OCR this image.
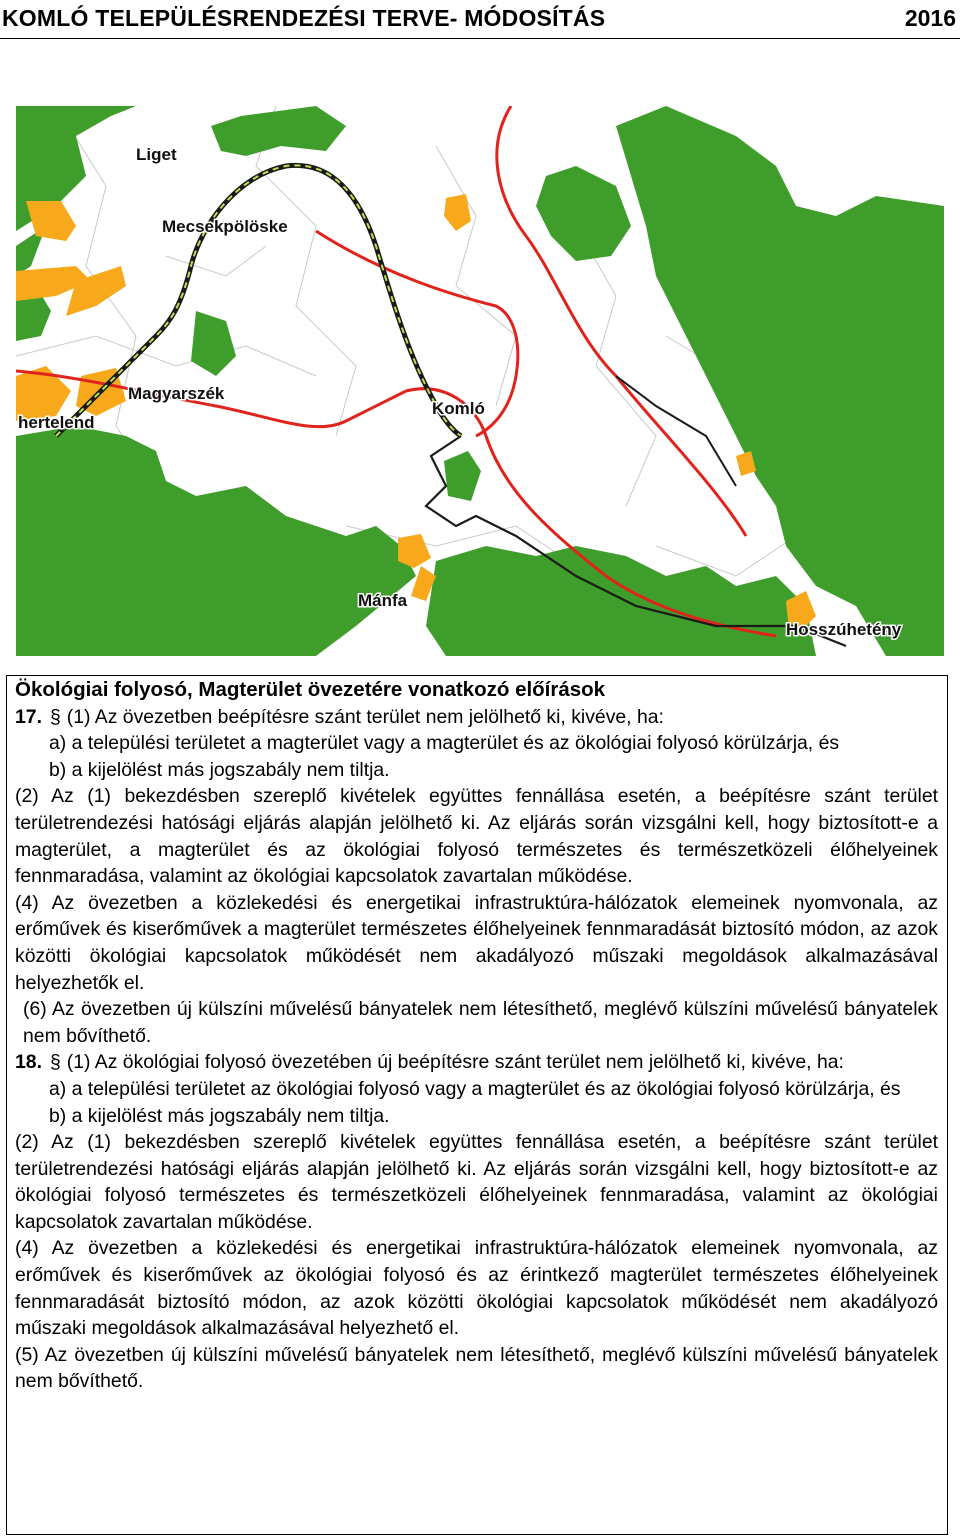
KOMLÓ TELEPÜLÉSRENDEZÉSI TERVE- MÓDOSÍTÁS	2016
Liget
Mecsekpölöske
Magyarszék
hertelend
Komló
Mánfa
Hosszúhetény

Ökológiai folyosó, Magterület övezetére vonatkozó előírások

17. § (1) Az övezetben beépítésre szánt terület nem jelölhető ki, kivéve, ha:

a) a települési területet a magterület vagy a magterület és az ökológiai folyosó körülzárja, és

b) a kijelölést más jogszabály nem tiltja.

(2) Az (1) bekezdésben szereplő kivételek együttes fennállása esetén, a beépítésre szánt terület területrendezési hatósági eljárás alapján jelölhető ki. Az eljárás során vizsgálni kell, hogy biztosított-e a magterület, a magterület és az ökológiai folyosó természetes és természetközeli élőhelyeinek fennmaradása, valamint az ökológiai kapcsolatok zavartalan működése.

(4) Az övezetben a közlekedési és energetikai infrastruktúra-hálózatok elemeinek nyomvonala, az erőművek és kiserőművek a magterület természetes élőhelyeinek fennmaradását biztosító módon, az azok közötti ökológiai kapcsolatok működését nem akadályozó műszaki megoldások alkalmazásával helyezhetők el.

(6) Az övezetben új külszíni művelésű bányatelek nem létesíthető, meglévő külszíni művelésű bányatelek nem bővíthető.

18. § (1) Az ökológiai folyosó övezetében új beépítésre szánt terület nem jelölhető ki, kivéve, ha:

a) a települési területet az ökológiai folyosó vagy a magterület és az ökológiai folyosó körülzárja, és

b) a kijelölést más jogszabály nem tiltja.

(2) Az (1) bekezdésben szereplő kivételek együttes fennállása esetén, a beépítésre szánt terület területrendezési hatósági eljárás alapján jelölhető ki. Az eljárás során vizsgálni kell, hogy biztosított-e az ökológiai folyosó természetes és természetközeli élőhelyeinek fennmaradása, valamint az ökológiai kapcsolatok zavartalan működése.

(4) Az övezetben a közlekedési és energetikai infrastruktúra-hálózatok elemeinek nyomvonala, az erőművek és kiserőművek az ökológiai folyosó és az érintkező magterület természetes élőhelyeinek fennmaradását biztosító módon, az azok közötti ökológiai kapcsolatok működését nem akadályozó műszaki megoldások alkalmazásával helyezhető el.

(5) Az övezetben új külszíni művelésű bányatelek nem létesíthető, meglévő külszíni művelésű bányatelek nem bővíthető.
